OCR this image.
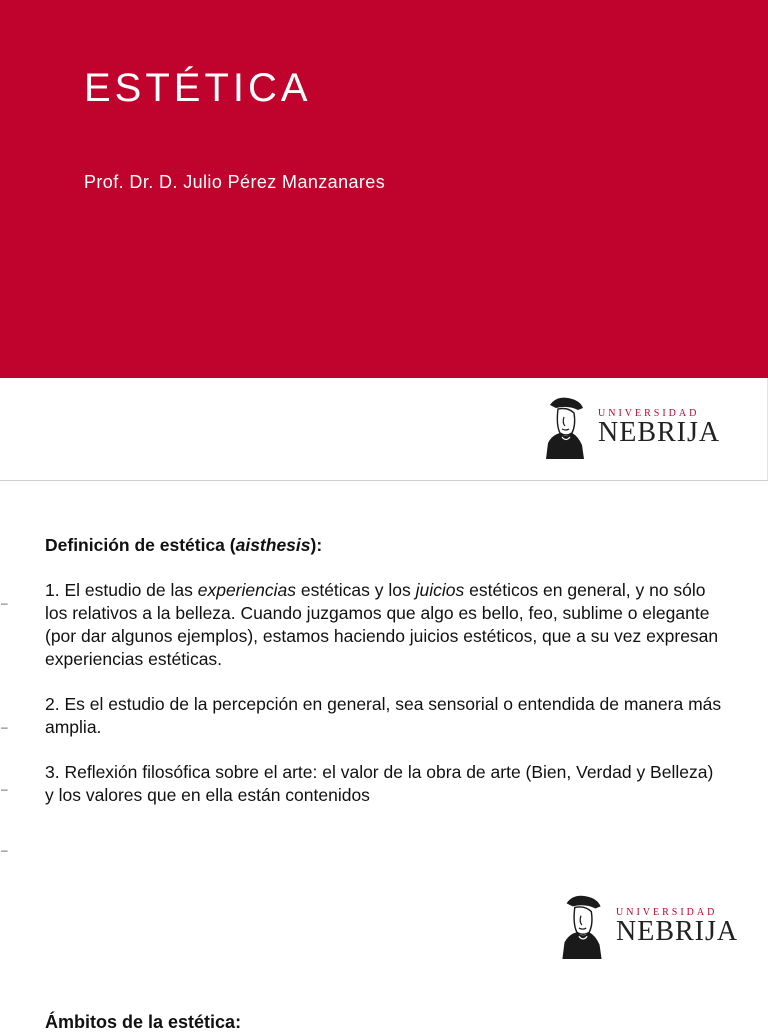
ESTÉTICA
Prof. Dr. D. Julio Pérez Manzanares
UNIVERSIDAD
NEBRIJA

Definición de estética (aisthesis):

1. El estudio de las experiencias estéticas y los juicios estéticos en general, y no sólo los relativos a la belleza. Cuando juzgamos que algo es bello, feo, sublime o elegante (por dar algunos ejemplos), estamos haciendo juicios estéticos, que a su vez expresan experiencias estéticas.

2. Es el estudio de la percepción en general, sea sensorial o entendida de manera más amplia.

3. Reflexión filosófica sobre el arte: el valor de la obra de arte (Bien, Verdad y Belleza) y los valores que en ella están contenidos

–
–
–
–
UNIVERSIDAD
NEBRIJA
Ámbitos de la estética:
